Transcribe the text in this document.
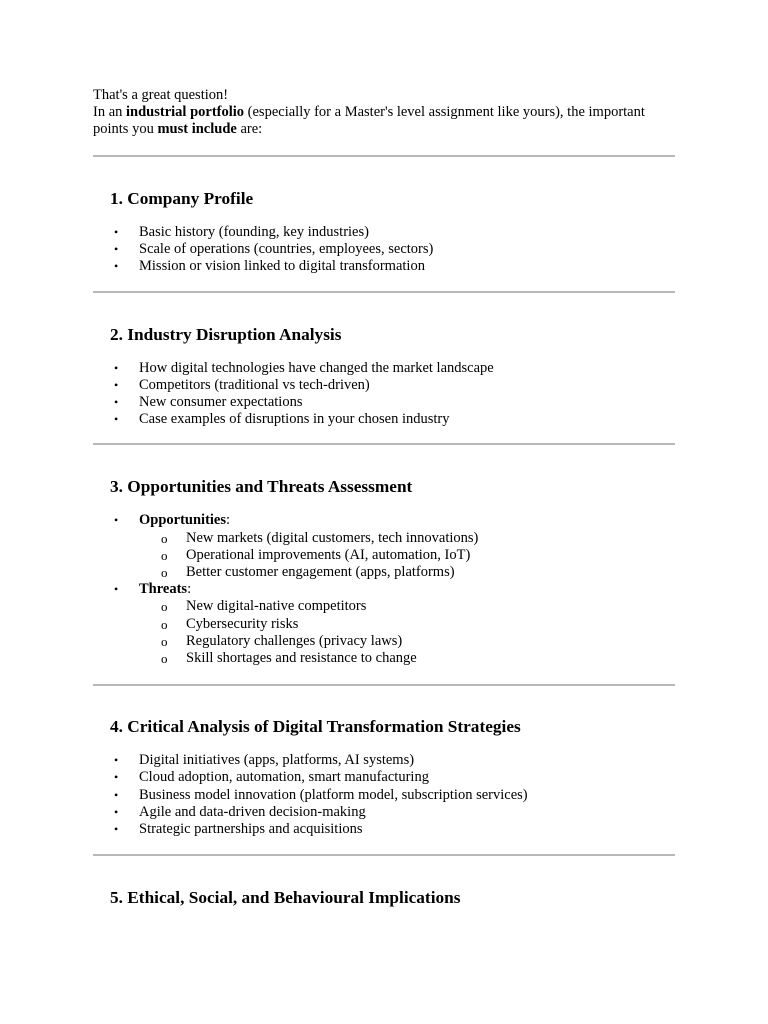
That's a great question!

In an industrial portfolio (especially for a Master's level assignment like yours), the important points you must include are:

1. Company Profile
• Basic history (founding, key industries)
• Scale of operations (countries, employees, sectors)
• Mission or vision linked to digital transformation
2. Industry Disruption Analysis
• How digital technologies have changed the market landscape
• Competitors (traditional vs tech-driven)
• New consumer expectations
• Case examples of disruptions in your chosen industry
3. Opportunities and Threats Assessment
• Opportunities:
o New markets (digital customers, tech innovations)
o Operational improvements (AI, automation, IoT)
o Better customer engagement (apps, platforms)
• Threats:
o New digital-native competitors
o Cybersecurity risks
o Regulatory challenges (privacy laws)
o Skill shortages and resistance to change
4. Critical Analysis of Digital Transformation Strategies
• Digital initiatives (apps, platforms, AI systems)
• Cloud adoption, automation, smart manufacturing
• Business model innovation (platform model, subscription services)
• Agile and data-driven decision-making
• Strategic partnerships and acquisitions
5. Ethical, Social, and Behavioural Implications
